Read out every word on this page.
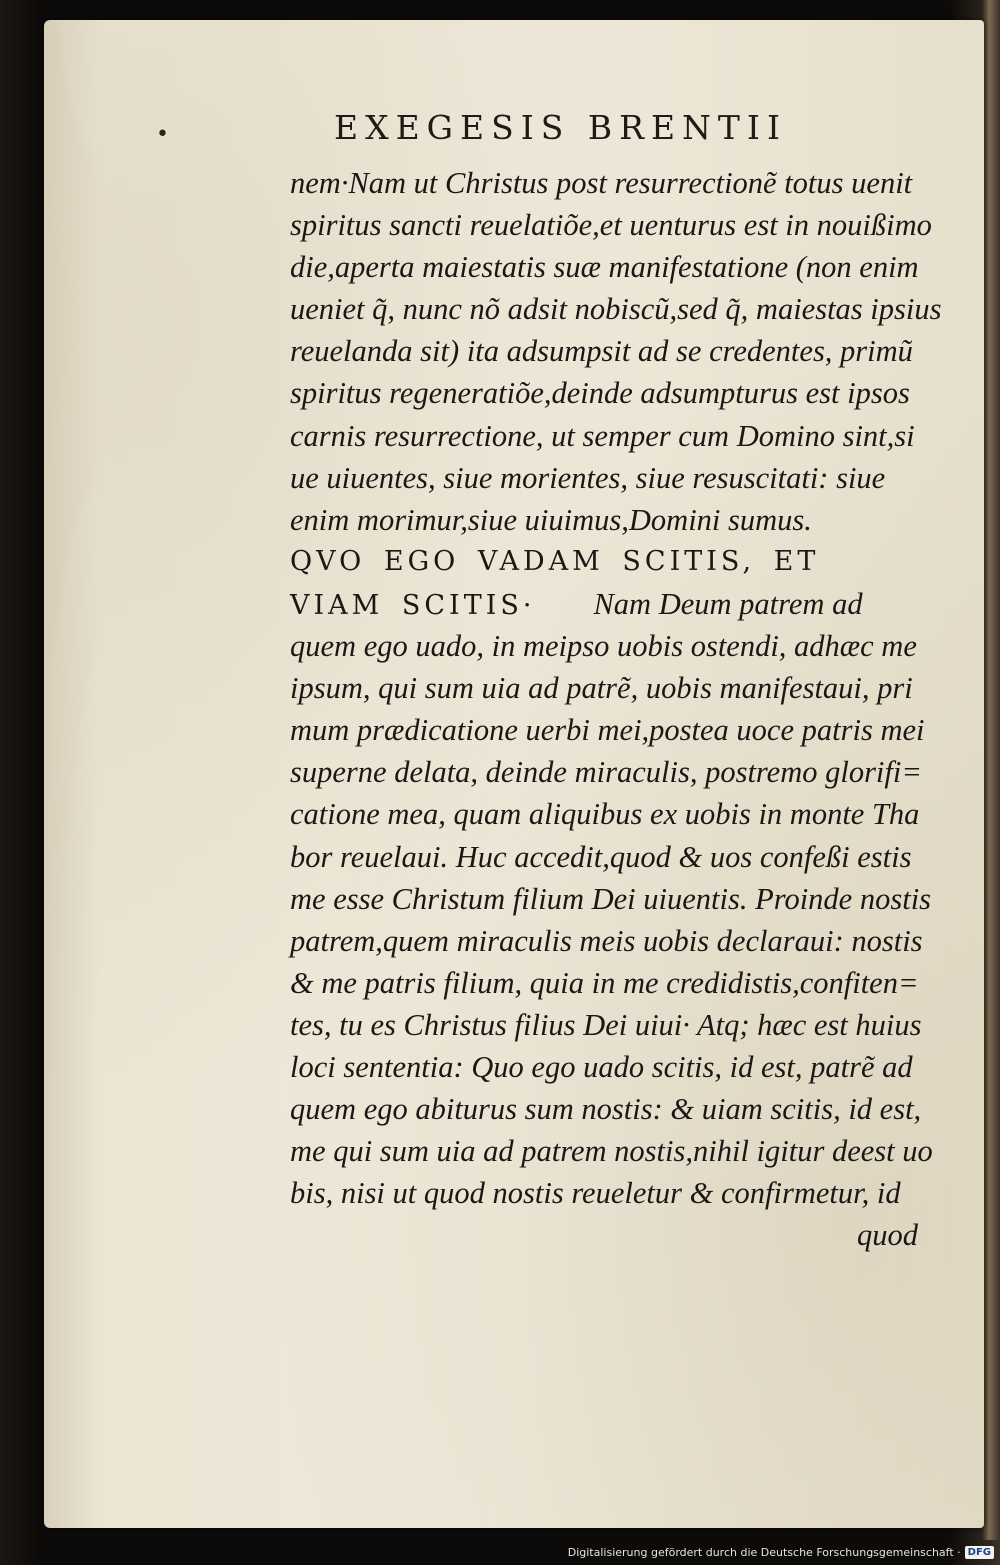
•	EXEGESIS BRENTII
nem·Nam ut Christus post resurrectionẽ totus uenit
spiritus sancti reuelatiõe,et uenturus est in nouißimo
die,aperta maiestatis suæ manifestatione (non enim
ueniet q͂, nunc nõ adsit nobiscũ,sed q͂, maiestas ipsius
reuelanda sit) ita adsumpsit ad se credentes, primũ
spiritus regeneratiõe,deinde adsumpturus est ipsos
carnis resurrectione, ut semper cum Domino sint,si
ue uiuentes, siue morientes, siue resuscitati: siue
enim morimur,siue uiuimus,Domini sumus.
QVO EGO VADAM SCITIS, ET
VIAM SCITIS· Nam Deum patrem ad
quem ego uado, in meipso uobis ostendi, adhæc me
ipsum, qui sum uia ad patrẽ, uobis manifestaui, pri
mum prædicatione uerbi mei,postea uoce patris mei
superne delata, deinde miraculis, postremo glorifi=
catione mea, quam aliquibus ex uobis in monte Tha
bor reuelaui. Huc accedit,quod & uos confeßi estis
me esse Christum filium Dei uiuentis. Proinde nostis
patrem,quem miraculis meis uobis declaraui: nostis
& me patris filium, quia in me credidistis,confiten=
tes, tu es Christus filius Dei uiui· Atq; hæc est huius
loci sententia: Quo ego uado scitis, id est, patrẽ ad
quem ego abiturus sum nostis: & uiam scitis, id est,
me qui sum uia ad patrem nostis,nihil igitur deest uo
bis, nisi ut quod nostis reueletur & confirmetur, id
quod
Digitalisierung gefördert durch die Deutsche Forschungsgemeinschaft · DFG
